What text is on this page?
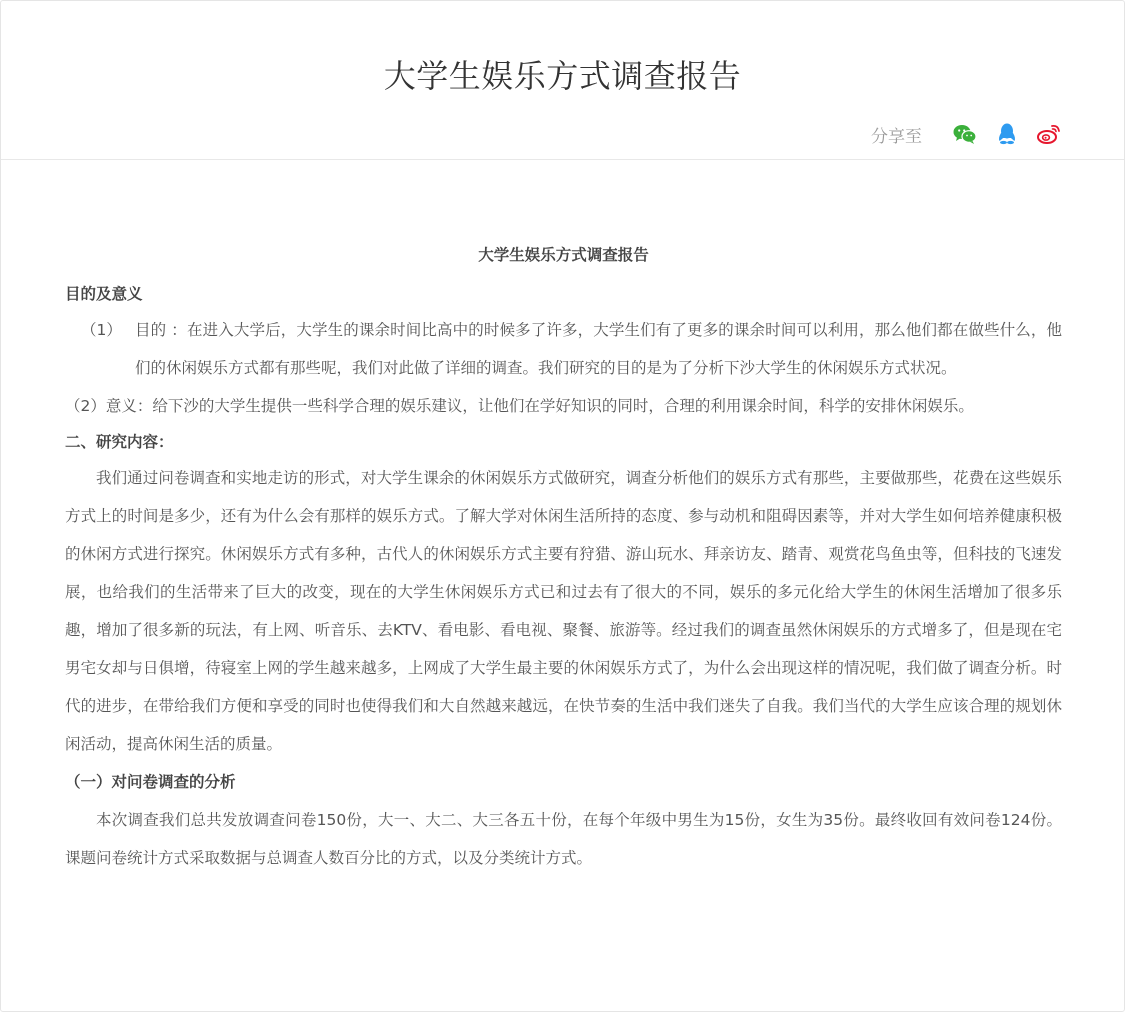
大学生娱乐方式调查报告
分享至
大学生娱乐方式调查报告
目的及意义
（1） 目的 ：在进入大学后，大学生的课余时间比高中的时候多了许多，大学生们有了更多的课余时间可以利用，那么他们都在做些什么，他们的休闲娱乐方式都有那些呢，我们对此做了详细的调查。我们研究的目的是为了分析下沙大学生的休闲娱乐方式状况。
（2）意义：给下沙的大学生提供一些科学合理的娱乐建议，让他们在学好知识的同时，合理的利用课余时间，科学的安排休闲娱乐。
二、研究内容：
我们通过问卷调查和实地走访的形式，对大学生课余的休闲娱乐方式做研究，调查分析他们的娱乐方式有那些，主要做那些，花费在这些娱乐方式上的时间是多少，还有为什么会有那样的娱乐方式。了解大学对休闲生活所持的态度、参与动机和阻碍因素等，并对大学生如何培养健康积极的休闲方式进行探究。休闲娱乐方式有多种，古代人的休闲娱乐方式主要有狩猎、游山玩水、拜亲访友、踏青、观赏花鸟鱼虫等，但科技的飞速发展，也给我们的生活带来了巨大的改变，现在的大学生休闲娱乐方式已和过去有了很大的不同，娱乐的多元化给大学生的休闲生活增加了很多乐趣，增加了很多新的玩法，有上网、听音乐、去KTV、看电影、看电视、聚餐、旅游等。经过我们的调查虽然休闲娱乐的方式增多了，但是现在宅男宅女却与日俱增，待寝室上网的学生越来越多，上网成了大学生最主要的休闲娱乐方式了，为什么会出现这样的情况呢，我们做了调查分析。时代的进步，在带给我们方便和享受的同时也使得我们和大自然越来越远，在快节奏的生活中我们迷失了自我。我们当代的大学生应该合理的规划休闲活动，提高休闲生活的质量。
（一）对问卷调查的分析
本次调查我们总共发放调查问卷150份，大一、大二、大三各五十份，在每个年级中男生为15份，女生为35份。最终收回有效问卷124份。课题问卷统计方式采取数据与总调查人数百分比的方式，以及分类统计方式。
